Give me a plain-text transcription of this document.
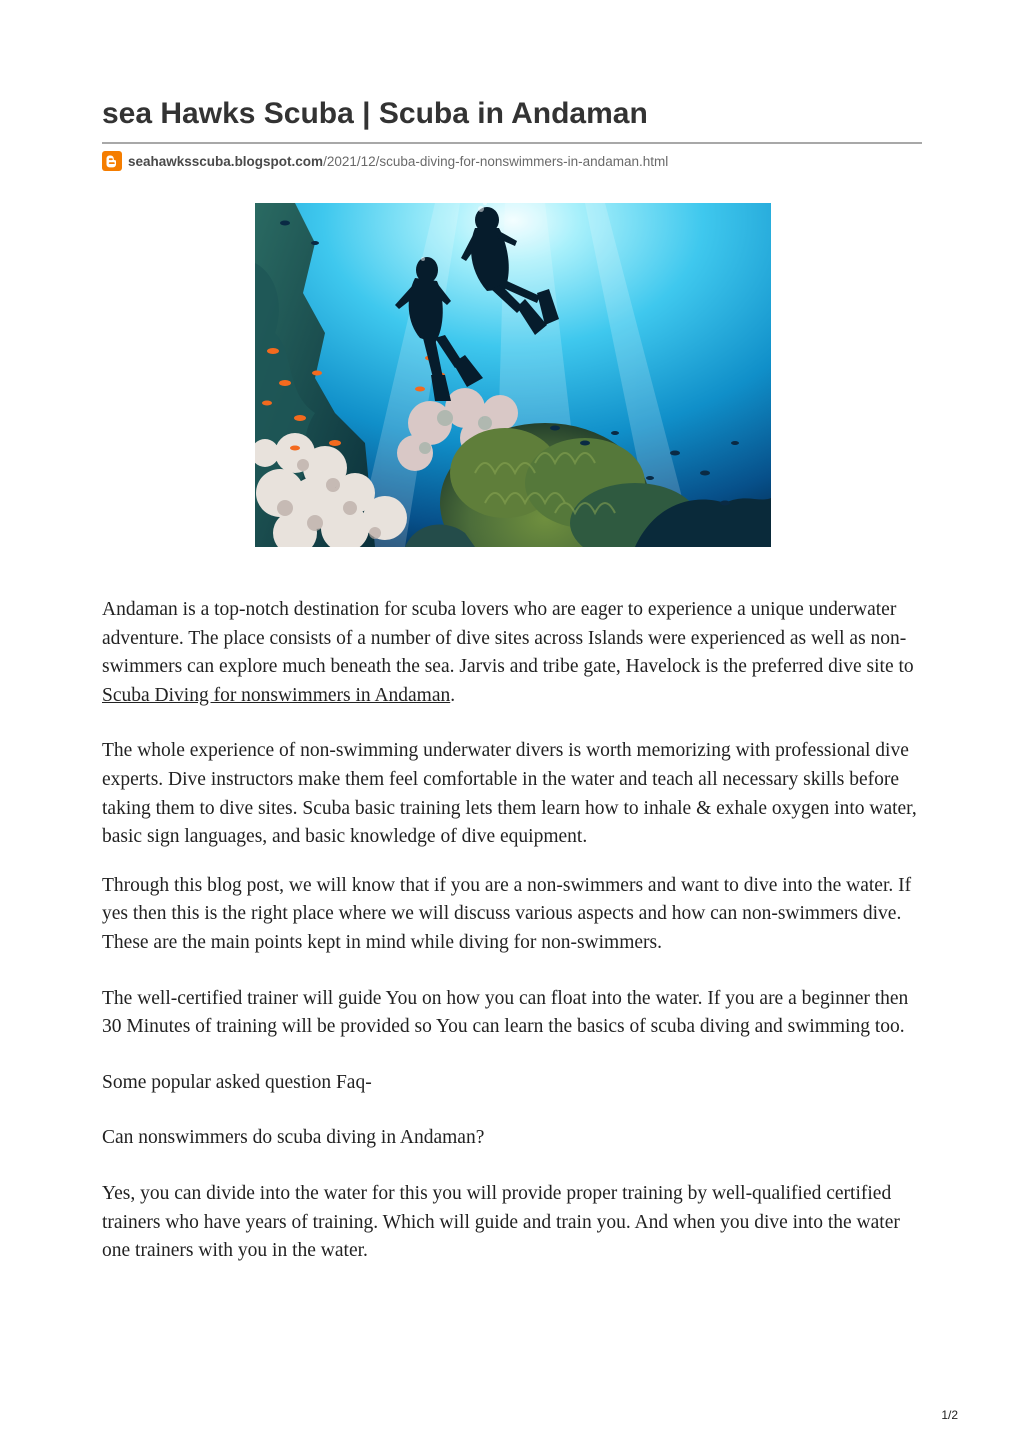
sea Hawks Scuba | Scuba in Andaman
seahawksscuba.blogspot.com /2021/12/scuba-diving-for-nonswimmers-in-andaman.html

Andaman is a top-notch destination for scuba lovers who are eager to experience a unique underwater adventure. The place consists of a number of dive sites across Islands were experienced as well as non-swimmers can explore much beneath the sea. Jarvis and tribe gate, Havelock is the preferred dive site to Scuba Diving for nonswimmers in Andaman.

The whole experience of non-swimming underwater divers is worth memorizing with professional dive experts. Dive instructors make them feel comfortable in the water and teach all necessary skills before taking them to dive sites. Scuba basic training lets them learn how to inhale & exhale oxygen into water, basic sign languages, and basic knowledge of dive equipment.

Through this blog post, we will know that if you are a non-swimmers and want to dive into the water. If yes then this is the right place where we will discuss various aspects and how can non-swimmers dive.

These are the main points kept in mind while diving for non-swimmers.

The well-certified trainer will guide You on how you can float into the water. If you are a beginner then 30 Minutes of training will be provided so You can learn the basics of scuba diving and swimming too.

Some popular asked question Faq-

Can nonswimmers do scuba diving in Andaman?

Yes, you can divide into the water for this you will provide proper training by well-qualified certified trainers who have years of training. Which will guide and train you. And when you dive into the water one trainers with you in the water.

1/2
